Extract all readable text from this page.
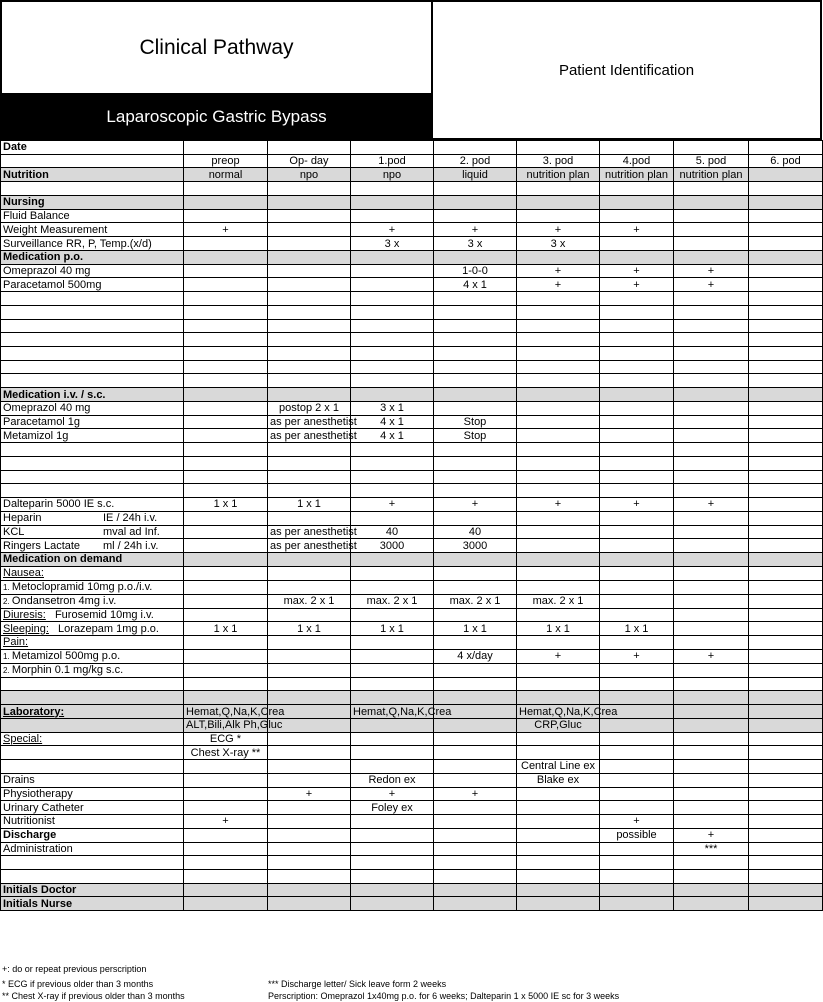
Clinical Pathway
Laparoscopic Gastric Bypass
Patient Identification
Date								
	preop	Op- day	1.pod	2. pod	3. pod	4.pod	5. pod	6. pod
Nutrition	normal	npo	npo	liquid	nutrition plan	nutrition plan	nutrition plan	

Nursing								
Fluid Balance								
Weight Measurement	+		+	+	+	+		
Surveillance RR, P, Temp.(x/d)			3 x	3 x	3 x			
Medication p.o.								
Omeprazol 40 mg				1-0-0	+	+	+	
Paracetamol 500mg				4 x 1	+	+	+	

Medication i.v. / s.c.								
Omeprazol 40 mg		postop 2 x 1	3 x 1					
Paracetamol 1g		as per anesthetist	4 x 1	Stop				
Metamizol 1g		as per anesthetist	4 x 1	Stop				

Dalteparin 5000 IE s.c.	1 x 1	1 x 1	+	+	+	+	+	
Heparin IE / 24h i.v.								
KCL mval ad Inf.		as per anesthetist	40	40				
Ringers Lactate ml / 24h i.v.		as per anesthetist	3000	3000				
Medication on demand								
Nausea:								
1. Metoclopramid 10mg p.o./i.v.								
2. Ondansetron 4mg i.v.		max. 2 x 1	max. 2 x 1	max. 2 x 1	max. 2 x 1			
Diuresis:   Furosemid 10mg i.v.								
Sleeping:   Lorazepam 1mg p.o.	1 x 1	1 x 1	1 x 1	1 x 1	1 x 1	1 x 1		
Pain:								
1. Metamizol 500mg p.o.				4 x/day	+	+	+	
2. Morphin 0.1 mg/kg s.c.								

Laboratory:	Hemat,Q,Na,K,Crea		Hemat,Q,Na,K,Crea		Hemat,Q,Na,K,Crea			
	ALT,Bili,Alk Ph,Gluc				CRP,Gluc			
Special:	ECG *							
	Chest X-ray **							
					Central Line ex			
Drains			Redon ex		Blake ex			
Physiotherapy		+	+	+				
Urinary Catheter			Foley ex					
Nutritionist	+					+		
Discharge						possible	+	
Administration							***	

Initials Doctor								
Initials Nurse								
+: do or repeat previous perscription
* ECG if previous older than 3 months
** Chest X-ray if previous older than 3 months
*** Discharge letter/ Sick leave form 2 weeks
Perscription: Omeprazol 1x40mg p.o. for 6 weeks; Dalteparin 1 x 5000 IE sc for 3 weeks
